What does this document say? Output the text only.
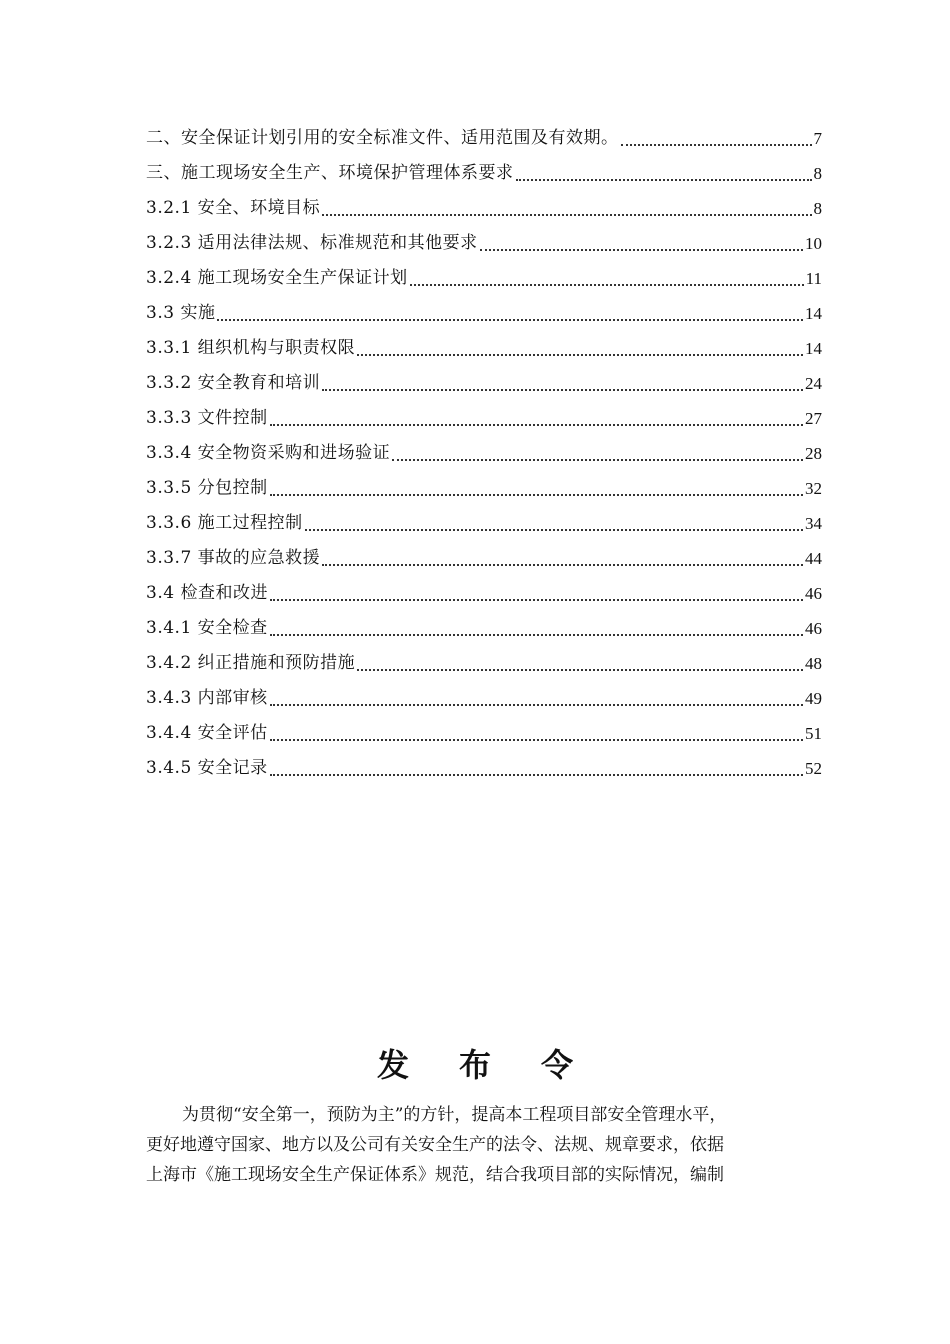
二、安全保证计划引用的安全标准文件、适用范围及有效期。	7
三、施工现场安全生产、环境保护管理体系要求	8
3.2.1 安全、环境目标	8
3.2.3 适用法律法规、标准规范和其他要求	10
3.2.4 施工现场安全生产保证计划	11
3.3 实施	14
3.3.1 组织机构与职责权限	14
3.3.2 安全教育和培训	24
3.3.3 文件控制	27
3.3.4 安全物资采购和进场验证	28
3.3.5 分包控制	32
3.3.6 施工过程控制	34
3.3.7 事故的应急救援	44
3.4 检查和改进	46
3.4.1 安全检查	46
3.4.2 纠正措施和预防措施	48
3.4.3 内部审核	49
3.4.4 安全评估	51
3.4.5 安全记录	52
发布令
为贯彻“安全第一，预防为主”的方针，提高本工程项目部安全管理水平，
更好地遵守国家、地方以及公司有关安全生产的法令、法规、规章要求，依据
上海市《施工现场安全生产保证体系》规范，结合我项目部的实际情况，编制
